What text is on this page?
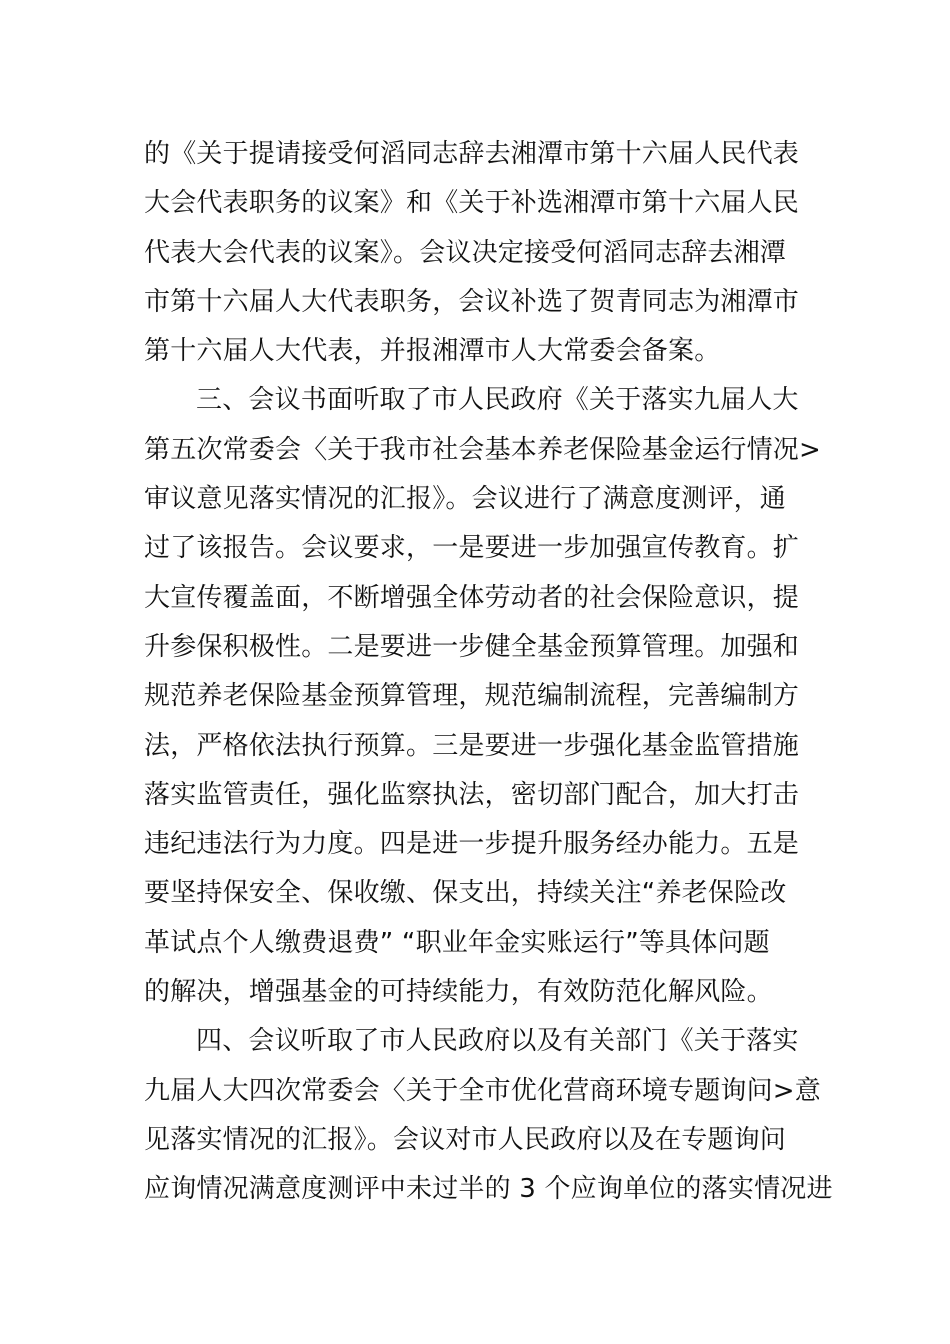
的《关于提请接受何滔同志辞去湘潭市第十六届人民代表
大会代表职务的议案》和《关于补选湘潭市第十六届人民
代表大会代表的议案》。会议决定接受何滔同志辞去湘潭
市第十六届人大代表职务，会议补选了贺青同志为湘潭市
第十六届人大代表，并报湘潭市人大常委会备案。
三、会议书面听取了市人民政府《关于落实九届人大
第五次常委会〈关于我市社会基本养老保险基金运行情况>
审议意见落实情况的汇报》。会议进行了满意度测评，通
过了该报告。会议要求，一是要进一步加强宣传教育。扩
大宣传覆盖面，不断增强全体劳动者的社会保险意识，提
升参保积极性。二是要进一步健全基金预算管理。加强和
规范养老保险基金预算管理，规范编制流程，完善编制方
法，严格依法执行预算。三是要进一步强化基金监管措施
落实监管责任，强化监察执法，密切部门配合，加大打击
违纪违法行为力度。四是进一步提升服务经办能力。五是
要坚持保安全、保收缴、保支出，持续关注“养老保险改
革试点个人缴费退费” “职业年金实账运行”等具体问题
的解决，增强基金的可持续能力，有效防范化解风险。
四、会议听取了市人民政府以及有关部门《关于落实
九届人大四次常委会〈关于全市优化营商环境专题询问>意
见落实情况的汇报》。会议对市人民政府以及在专题询问
应询情况满意度测评中未过半的 3 个应询单位的落实情况进
